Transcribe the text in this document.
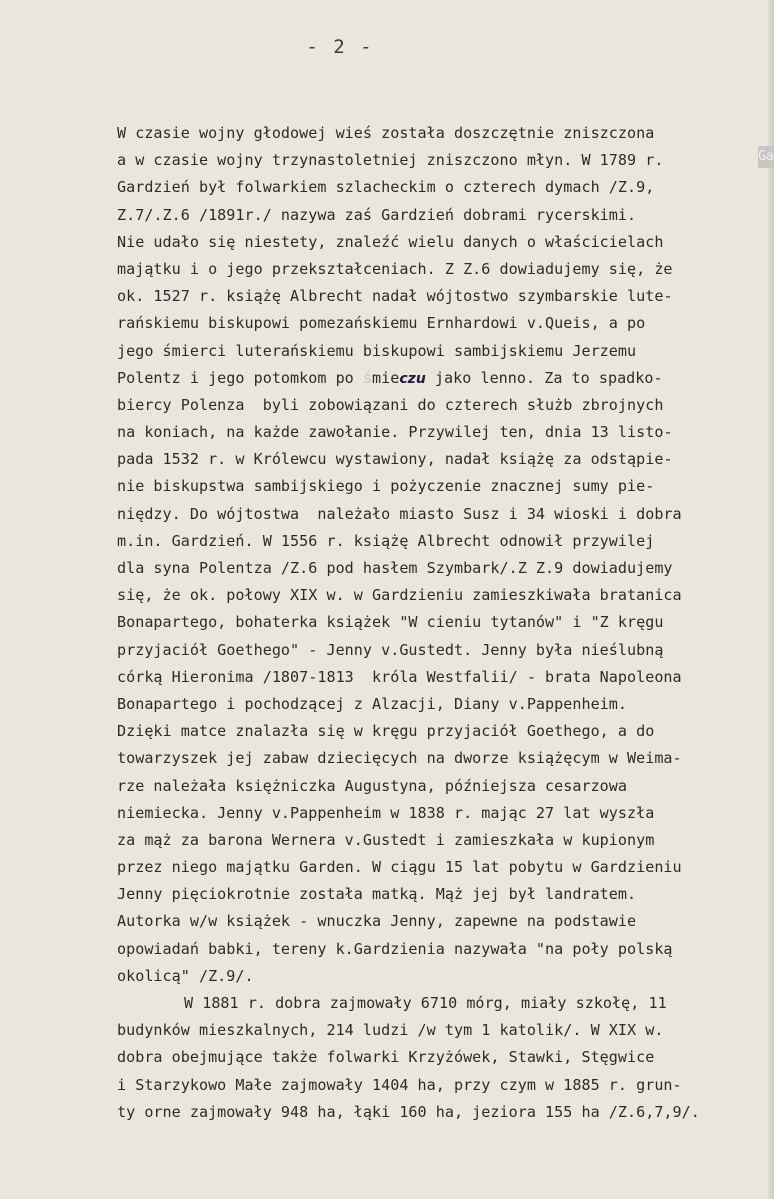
Ga
- 2 -
W czasie wojny głodowej wieś została doszczętnie zniszczona
a w czasie wojny trzynastoletniej zniszczono młyn. W 1789 r.
Gardzień był folwarkiem szlacheckim o czterech dymach /Z.9,
Z.7/.Z.6 /1891r./ nazywa zaś Gardzień dobrami rycerskimi.
Nie udało się niestety, znaleźć wielu danych o właścicielach
majątku i o jego przekształceniach. Z Z.6 dowiadujemy się, że
ok. 1527 r. książę Albrecht nadał wójtostwo szymbarskie lute-
rańskiemu biskupowi pomezańskiemu Ernhardowi v.Queis, a po
jego śmierci luterańskiemu biskupowi sambijskiemu Jerzemu
Polentz i jego potomkom po śmieczu jako lenno. Za to spadko-
biercy Polenza  byli zobowiązani do czterech służb zbrojnych
na koniach, na każde zawołanie. Przywilej ten, dnia 13 listo-
pada 1532 r. w Królewcu wystawiony, nadał książę za odstąpie-
nie biskupstwa sambijskiego i pożyczenie znacznej sumy pie-
niędzy. Do wójtostwa  należało miasto Susz i 34 wioski i dobra
m.in. Gardzień. W 1556 r. książę Albrecht odnowił przywilej
dla syna Polentza /Z.6 pod hasłem Szymbark/.Z Z.9 dowiadujemy
się, że ok. połowy XIX w. w Gardzieniu zamieszkiwała bratanica
Bonapartego, bohaterka książek "W cieniu tytanów" i "Z kręgu
przyjaciół Goethego" - Jenny v.Gustedt. Jenny była nieślubną
córką Hieronima /1807-1813  króla Westfalii/ - brata Napoleona
Bonapartego i pochodzącej z Alzacji, Diany v.Pappenheim.
Dzięki matce znalazła się w kręgu przyjaciół Goethego, a do
towarzyszek jej zabaw dziecięcych na dworze książęcym w Weima-
rze należała księżniczka Augustyna, późniejsza cesarzowa
niemiecka. Jenny v.Pappenheim w 1838 r. mając 27 lat wyszła
za mąż za barona Wernera v.Gustedt i zamieszkała w kupionym
przez niego majątku Garden. W ciągu 15 lat pobytu w Gardzieniu
Jenny pięciokrotnie została matką. Mąż jej był landratem.
Autorka w/w książek - wnuczka Jenny, zapewne na podstawie
opowiadań babki, tereny k.Gardzienia nazywała "na poły polską
okolicą" /Z.9/.
W 1881 r. dobra zajmowały 6710 mórg, miały szkołę, 11
budynków mieszkalnych, 214 ludzi /w tym 1 katolik/. W XIX w.
dobra obejmujące także folwarki Krzyżówek, Stawki, Stęgwice
i Starzykowo Małe zajmowały 1404 ha, przy czym w 1885 r. grun-
ty orne zajmowały 948 ha, łąki 160 ha, jeziora 155 ha /Z.6,7,9/.
